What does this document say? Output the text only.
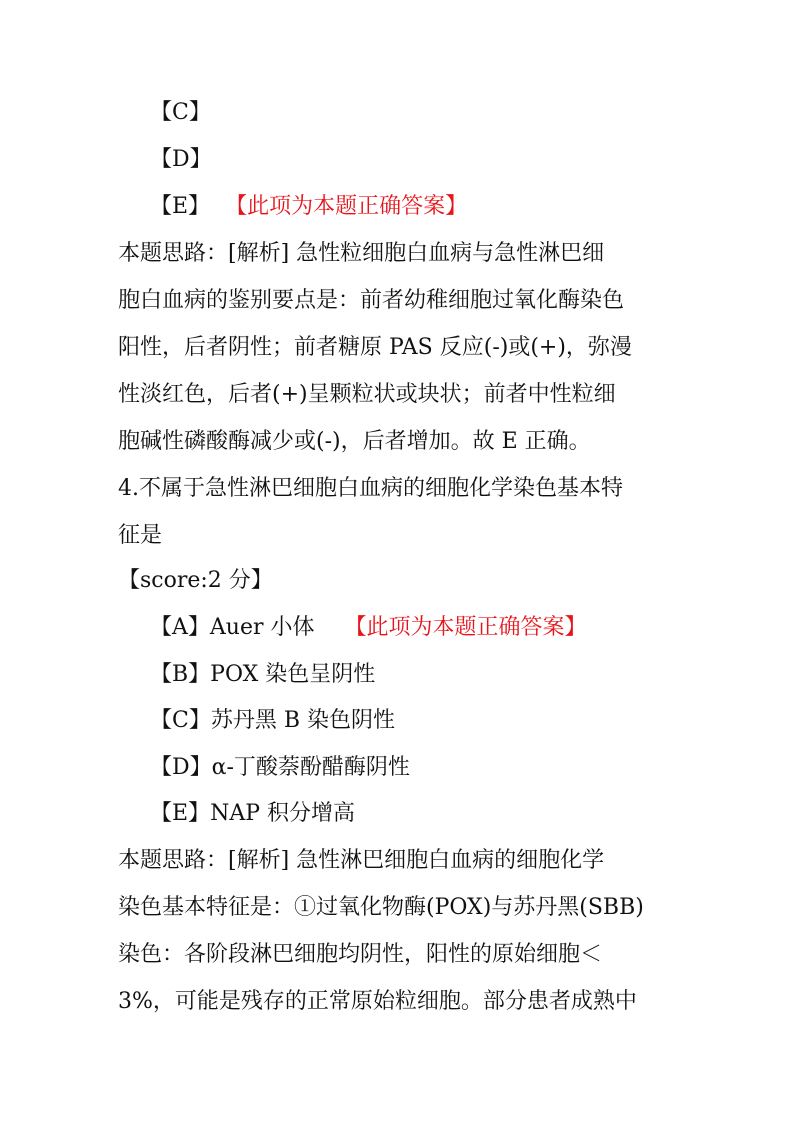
【C】
【D】
【E】 【此项为本题正确答案】
本题思路：[解析] 急性粒细胞白血病与急性淋巴细
胞白血病的鉴别要点是：前者幼稚细胞过氧化酶染色
阳性，后者阴性；前者糖原 PAS 反应(-)或(+)，弥漫
性淡红色，后者(+)呈颗粒状或块状；前者中性粒细
胞碱性磷酸酶减少或(-)，后者增加。故 E 正确。
4.不属于急性淋巴细胞白血病的细胞化学染色基本特
征是
【score:2 分】
【A】Auer 小体 【此项为本题正确答案】
【B】POX 染色呈阴性
【C】苏丹黑 B 染色阴性
【D】α-丁酸萘酚醋酶阴性
【E】NAP 积分增高
本题思路：[解析] 急性淋巴细胞白血病的细胞化学
染色基本特征是：①过氧化物酶(POX)与苏丹黑(SBB)
染色：各阶段淋巴细胞均阴性，阳性的原始细胞＜
3%，可能是残存的正常原始粒细胞。部分患者成熟中
